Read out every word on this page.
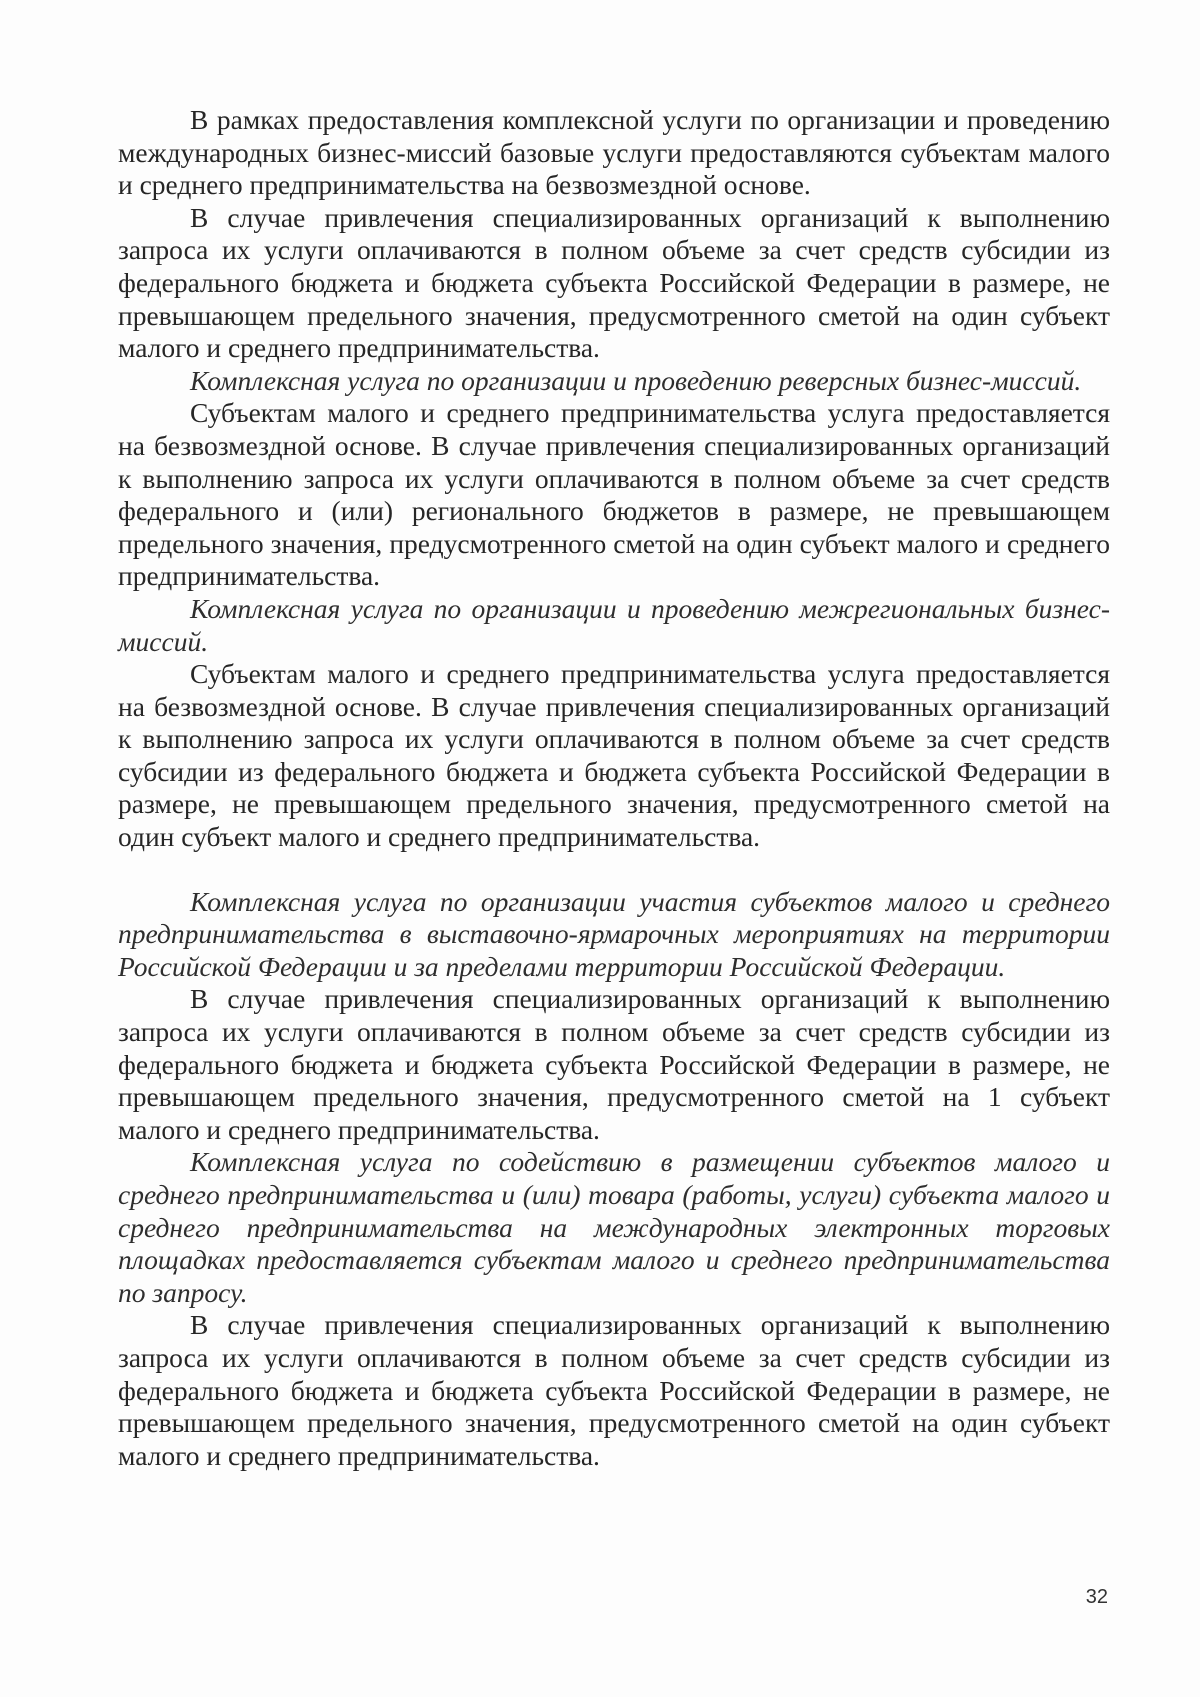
В рамках предоставления комплексной услуги по организации и проведению международных бизнес-миссий базовые услуги предоставляются субъектам малого и среднего предпринимательства на безвозмездной основе.

В случае привлечения специализированных организаций к выполнению запроса их услуги оплачиваются в полном объеме за счет средств субсидии из федерального бюджета и бюджета субъекта Российской Федерации в размере, не превышающем предельного значения, предусмотренного сметой на один субъект малого и среднего предпринимательства.

Комплексная услуга по организации и проведению реверсных бизнес-миссий.

Субъектам малого и среднего предпринимательства услуга предоставляется на безвозмездной основе. В случае привлечения специализированных организаций к выполнению запроса их услуги оплачиваются в полном объеме за счет средств федерального и (или) регионального бюджетов в размере, не превышающем предельного значения, предусмотренного сметой на один субъект малого и среднего предпринимательства.

Комплексная услуга по организации и проведению межрегиональных бизнес-миссий.

Субъектам малого и среднего предпринимательства услуга предоставляется на безвозмездной основе. В случае привлечения специализированных организаций к выполнению запроса их услуги оплачиваются в полном объеме за счет средств субсидии из федерального бюджета и бюджета субъекта Российской Федерации в размере, не превышающем предельного значения, предусмотренного сметой на один субъект малого и среднего предпринимательства.

Комплексная услуга по организации участия субъектов малого и среднего предпринимательства в выставочно-ярмарочных мероприятиях на территории Российской Федерации и за пределами территории Российской Федерации.

В случае привлечения специализированных организаций к выполнению запроса их услуги оплачиваются в полном объеме за счет средств субсидии из федерального бюджета и бюджета субъекта Российской Федерации в размере, не превышающем предельного значения, предусмотренного сметой на 1 субъект малого и среднего предпринимательства.

Комплексная услуга по содействию в размещении субъектов малого и среднего предпринимательства и (или) товара (работы, услуги) субъекта малого и среднего предпринимательства на международных электронных торговых площадках предоставляется субъектам малого и среднего предпринимательства по запросу.

В случае привлечения специализированных организаций к выполнению запроса их услуги оплачиваются в полном объеме за счет средств субсидии из федерального бюджета и бюджета субъекта Российской Федерации в размере, не превышающем предельного значения, предусмотренного сметой на один субъект малого и среднего предпринимательства.

32
